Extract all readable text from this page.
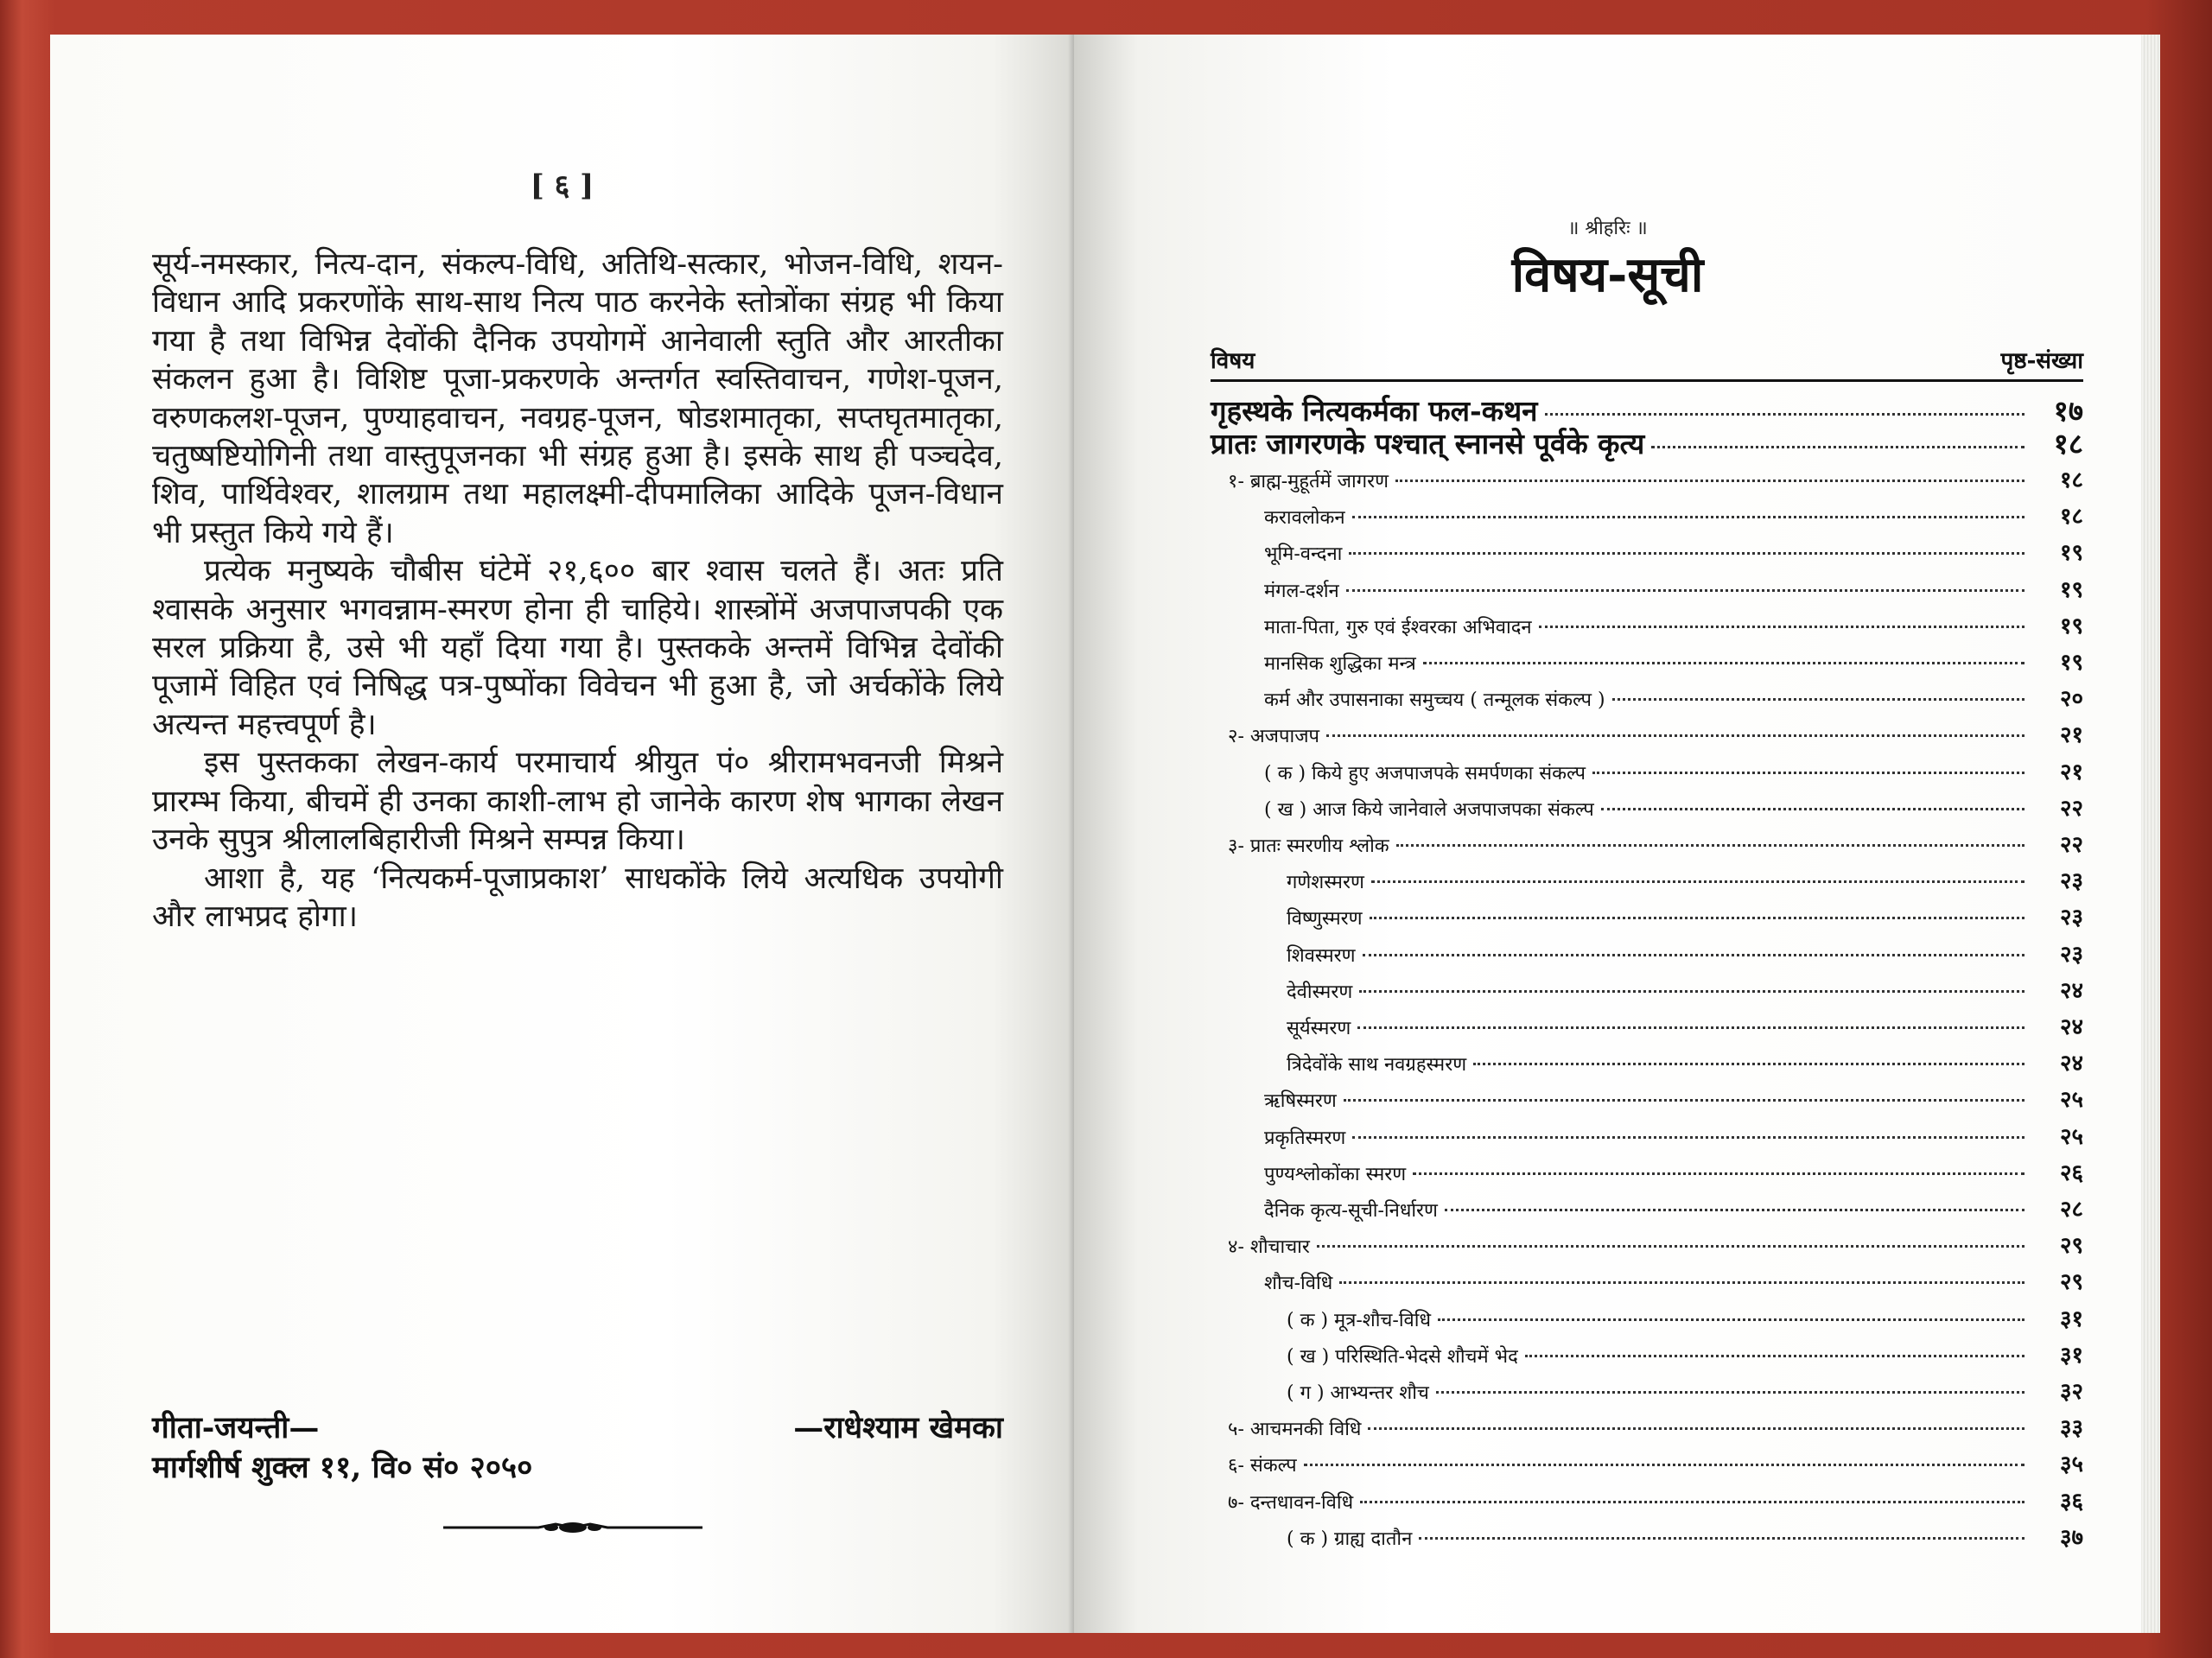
[ ६ ]

सूर्य-नमस्कार, नित्य-दान, संकल्प-विधि, अतिथि-सत्कार, भोजन-विधि, शयन-विधान आदि प्रकरणोंके साथ-साथ नित्य पाठ करनेके स्तोत्रोंका संग्रह भी किया गया है तथा विभिन्न देवोंकी दैनिक उपयोगमें आनेवाली स्तुति और आरतीका संकलन हुआ है। विशिष्ट पूजा-प्रकरणके अन्तर्गत स्वस्तिवाचन, गणेश-पूजन, वरुणकलश-पूजन, पुण्याहवाचन, नवग्रह-पूजन, षोडशमातृका, सप्तघृतमातृका, चतुष्षष्टियोगिनी तथा वास्तुपूजनका भी संग्रह हुआ है। इसके साथ ही पञ्चदेव, शिव, पार्थिवेश्वर, शालग्राम तथा महालक्ष्मी-दीपमालिका आदिके पूजन-विधान भी प्रस्तुत किये गये हैं।

प्रत्येक मनुष्यके चौबीस घंटेमें २१,६०० बार श्वास चलते हैं। अतः प्रति श्वासके अनुसार भगवन्नाम-स्मरण होना ही चाहिये। शास्त्रोंमें अजपाजपकी एक सरल प्रक्रिया है, उसे भी यहाँ दिया गया है। पुस्तकके अन्तमें विभिन्न देवोंकी पूजामें विहित एवं निषिद्ध पत्र-पुष्पोंका विवेचन भी हुआ है, जो अर्चकोंके लिये अत्यन्त महत्त्वपूर्ण है।

इस पुस्तकका लेखन-कार्य परमाचार्य श्रीयुत पं० श्रीरामभवनजी मिश्रने प्रारम्भ किया, बीचमें ही उनका काशी-लाभ हो जानेके कारण शेष भागका लेखन उनके सुपुत्र श्रीलालबिहारीजी मिश्रने सम्पन्न किया।

आशा है, यह ‘नित्यकर्म-पूजाप्रकाश’ साधकोंके लिये अत्यधिक उपयोगी और लाभप्रद होगा।

गीता-जयन्ती—	—राधेश्याम खेमका
मार्गशीर्ष शुक्ल ११, वि० सं० २०५०
॥ श्रीहरिः ॥
विषय-सूची
विषय	पृष्ठ-संख्या
गृहस्थके नित्यकर्मका फल-कथन	१७
प्रातः जागरणके पश्चात् स्नानसे पूर्वके कृत्य	१८
१- ब्राह्म-मुहूर्तमें जागरण	१८
करावलोकन	१८
भूमि-वन्दना	१९
मंगल-दर्शन	१९
माता-पिता, गुरु एवं ईश्वरका अभिवादन	१९
मानसिक शुद्धिका मन्त्र	१९
कर्म और उपासनाका समुच्चय ( तन्मूलक संकल्प )	२०
२- अजपाजप	२१
( क ) किये हुए अजपाजपके समर्पणका संकल्प	२१
( ख ) आज किये जानेवाले अजपाजपका संकल्प	२२
३- प्रातः स्मरणीय श्लोक	२२
गणेशस्मरण	२३
विष्णुस्मरण	२३
शिवस्मरण	२३
देवीस्मरण	२४
सूर्यस्मरण	२४
त्रिदेवोंके साथ नवग्रहस्मरण	२४
ऋषिस्मरण	२५
प्रकृतिस्मरण	२५
पुण्यश्लोकोंका स्मरण	२६
दैनिक कृत्य-सूची-निर्धारण	२८
४- शौचाचार	२९
शौच-विधि	२९
( क ) मूत्र-शौच-विधि	३१
( ख ) परिस्थिति-भेदसे शौचमें भेद	३१
( ग ) आभ्यन्तर शौच	३२
५- आचमनकी विधि	३३
६- संकल्प	३५
७- दन्तधावन-विधि	३६
( क ) ग्राह्य दातौन	३७
